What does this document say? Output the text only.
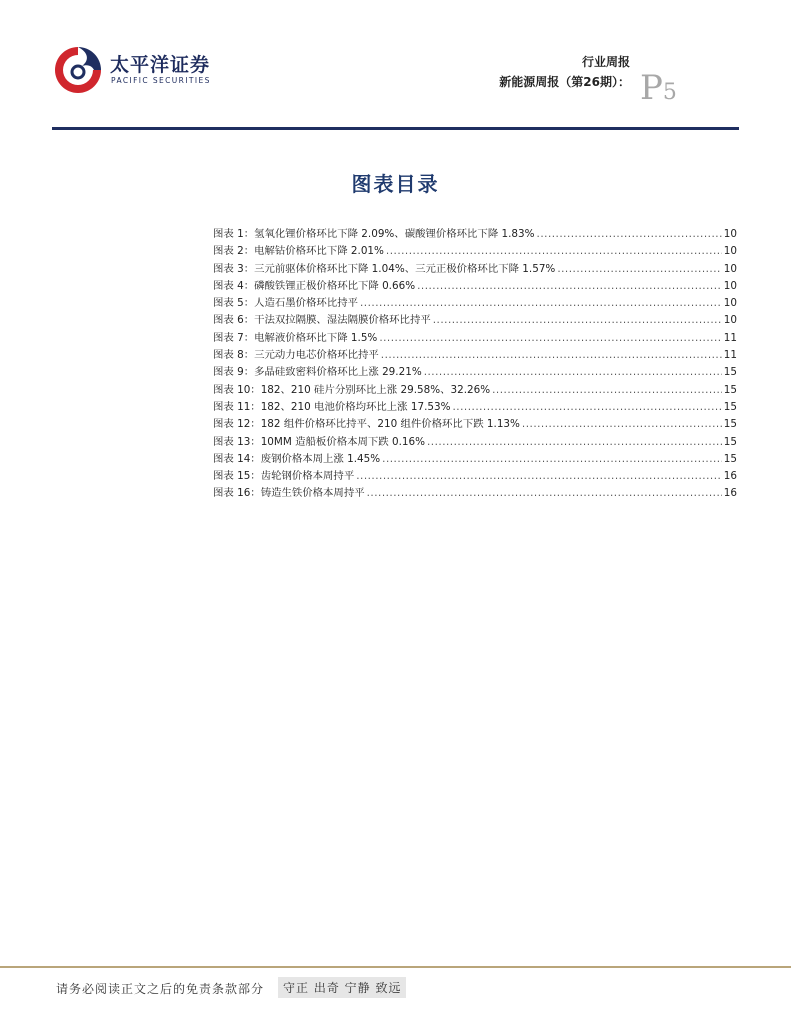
太平洋证券
PACIFIC SECURITIES
行业周报
新能源周报（第26期）： P5
图表目录
图表 1：氢氧化锂价格环比下降 2.09%、碳酸锂价格环比下降 1.83% .....	10
图表 2：电解钴价格环比下降 2.01% .....	10
图表 3：三元前驱体价格环比下降 1.04%、三元正极价格环比下降 1.57% .....	10
图表 4：磷酸铁锂正极价格环比下降 0.66% .....	10
图表 5：人造石墨价格环比持平 .....	10
图表 6：干法双拉隔膜、湿法隔膜价格环比持平 .....	10
图表 7：电解液价格环比下降 1.5% .....	11
图表 8：三元动力电芯价格环比持平 .....	11
图表 9：多晶硅致密料价格环比上涨 29.21% .....	15
图表 10：182、210 硅片分别环比上涨 29.58%、32.26% .....	15
图表 11：182、210 电池价格均环比上涨 17.53% .....	15
图表 12：182 组件价格环比持平、210 组件价格环比下跌 1.13% .....	15
图表 13：10MM 造船板价格本周下跌 0.16% .....	15
图表 14：废钢价格本周上涨 1.45% .....	15
图表 15：齿轮钢价格本周持平 .....	16
图表 16：铸造生铁价格本周持平 .....	16
请务必阅读正文之后的免责条款部分	守正 出奇 宁静 致远
